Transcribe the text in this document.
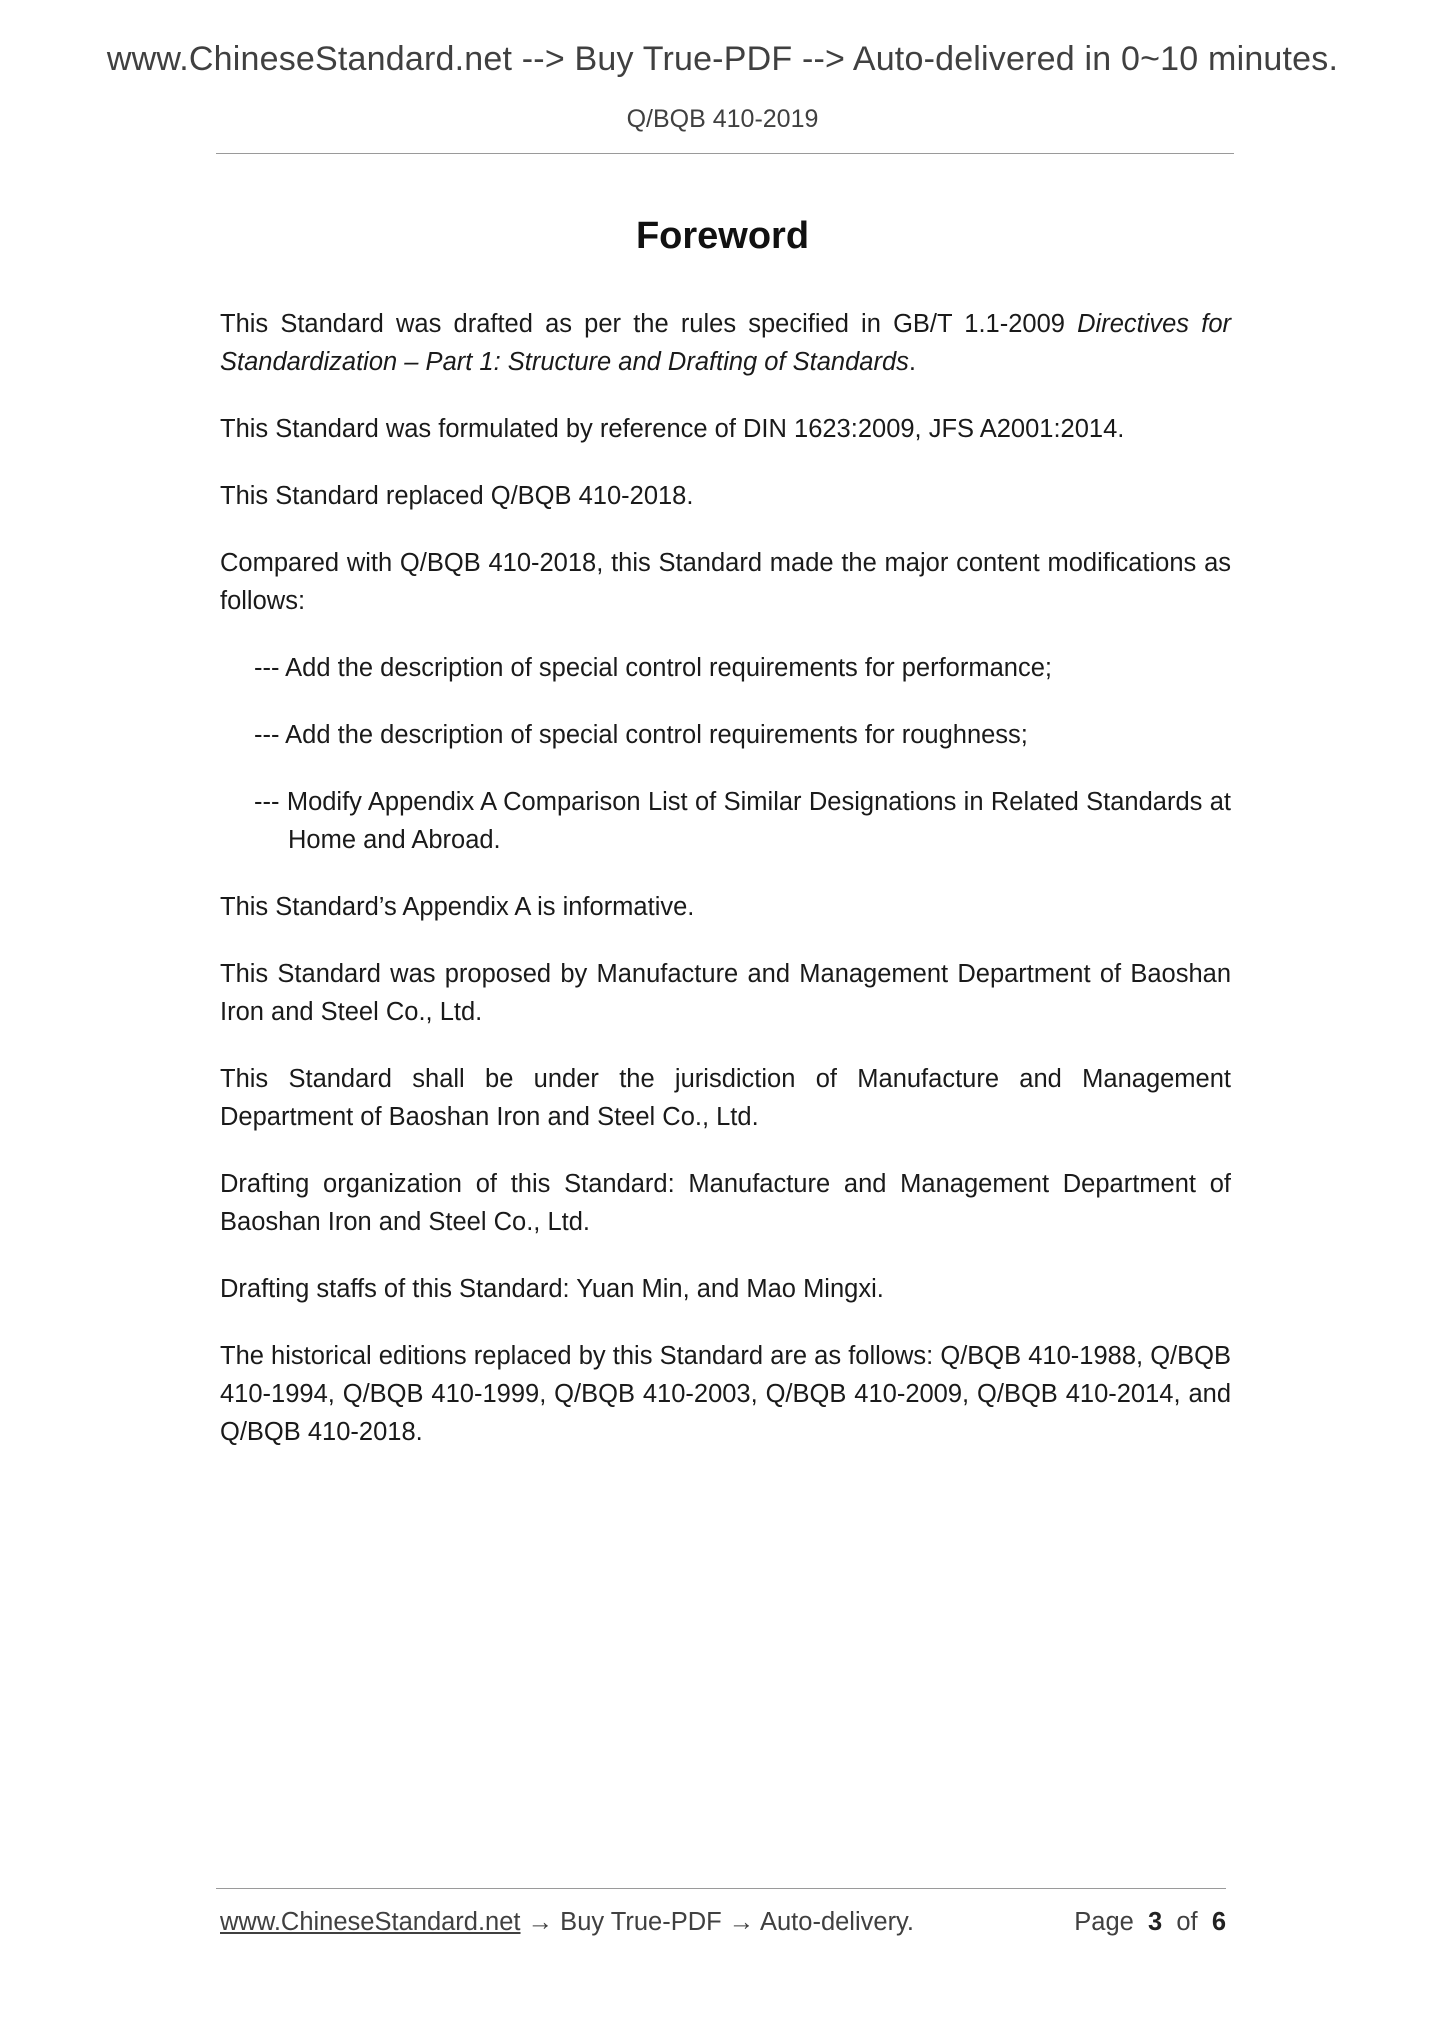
www.ChineseStandard.net --> Buy True-PDF --> Auto-delivered in 0~10 minutes.
Q/BQB 410-2019
Foreword

This Standard was drafted as per the rules specified in GB/T 1.1-2009 Directives for Standardization – Part 1: Structure and Drafting of Standards.

This Standard was formulated by reference of DIN 1623:2009, JFS A2001:2014.

This Standard replaced Q/BQB 410-2018.

Compared with Q/BQB 410-2018, this Standard made the major content modifications as follows:

--- Add the description of special control requirements for performance;

--- Add the description of special control requirements for roughness;

--- Modify Appendix A Comparison List of Similar Designations in Related Standards at Home and Abroad.

This Standard’s Appendix A is informative.

This Standard was proposed by Manufacture and Management Department of Baoshan Iron and Steel Co., Ltd.

This Standard shall be under the jurisdiction of Manufacture and Management Department of Baoshan Iron and Steel Co., Ltd.

Drafting organization of this Standard: Manufacture and Management Department of Baoshan Iron and Steel Co., Ltd.

Drafting staffs of this Standard: Yuan Min, and Mao Mingxi.

The historical editions replaced by this Standard are as follows: Q/BQB 410-1988, Q/BQB 410-1994, Q/BQB 410-1999, Q/BQB 410-2003, Q/BQB 410-2009, Q/BQB 410-2014, and Q/BQB 410-2018.

www.ChineseStandard.net → Buy True-PDF → Auto-delivery.	Page 3 of 6
